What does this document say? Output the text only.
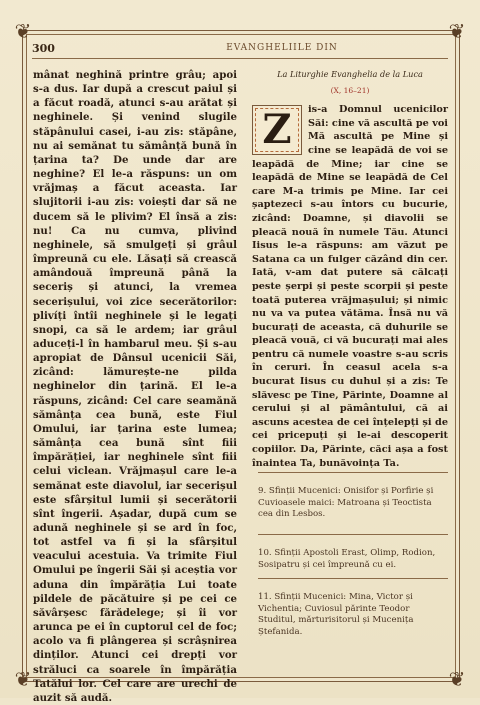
❦	❦
❦	❦
300	EVANGHELIILE DIN

mânat neghină printre grâu; apoi s-a dus. Iar după a crescut paiul și a făcut roadă, atunci s-au arătat și neghinele. Și venind slugile stăpânului casei, i-au zis: stăpâne, nu ai semănat tu sămânță bună în țarina ta? De unde dar are neghine? El le-a răspuns: un om vrăjmaș a făcut aceasta. Iar slujitorii i-au zis: voiești dar să ne ducem să le plivim? El însă a zis: nu! Ca nu cumva, plivind neghinele, să smulgeți și grâul împreună cu ele. Lăsați să crească amândouă împreună până la seceriș și atunci, la vremea secerișului, voi zice secerătorilor: plivíți întîi neghinele și le legați snopi, ca să le ardem; iar grâul aduceți-l în hambarul meu. Și s-au apropiat de Dânsul ucenicii Săi, zicând: lămurește-ne pilda neghinelor din țarină. El le-a răspuns, zicând: Cel care seamănă sămânța cea bună, este Fiul Omului, iar țarina este lumea; sămânța cea bună sînt fiii împărăției, iar neghinele sînt fiii celui viclean. Vrăjmașul care le-a semănat este diavolul, iar secerișul este sfârșitul lumii și secerătorii sînt îngerii. Așadar, după cum se adună neghinele și se ard în foc, tot astfel va fi și la sfârșitul veacului acestuia. Va trimite Fiul Omului pe îngerii Săi și aceștia vor aduna din împărăția Lui toate pildele de păcătuire și pe cei ce săvârșesc fărădelege; și îi vor arunca pe ei în cuptorul cel de foc; acolo va fi plângerea și scrâșnirea dinților. Atunci cei drepți vor străluci ca soarele în împărăția Tatălui lor. Cel care are urechi de auzit să audă.

La Liturghie Evanghelia de la Luca
(X, 16–21)
Z	is-a Domnul ucenicilor Săi: cine vă ascultă pe voi Mă ascultă pe Mine și cine se leapădă de voi se leapădă de Mine; iar cine se leapădă de Mine se leapădă de Cel care M-a trimis pe Mine. Iar cei șaptezeci s-au întors cu bucurie, zicând: Doamne, și diavolii se pleacă nouă în numele Tău. Atunci Iisus le-a răspuns: am văzut pe Satana ca un fulger căzând din cer. Iată, v-am dat putere să călcați peste șerpi și peste scorpii și peste toată puterea vrăjmașului; și nimic nu va va putea vătăma. Însă nu vă bucurați de aceasta, că duhurile se pleacă vouă, ci vă bucurați mai ales pentru că numele voastre s-au scris în ceruri. În ceasul acela s-a bucurat Iisus cu duhul și a zis: Te slăvesc pe Tine, Părinte, Doamne al cerului și al pământului, că ai ascuns acestea de cei înțelepți și de cei pricepuți și le-ai descoperit copiilor. Da, Părinte, căci așa a fost înaintea Ta, bunăvoința Ta.
9. Sfinții Mucenici: Onisifor și Porfirie și Cuvioasele maici: Matroana și Teoctista cea din Lesbos.
10. Sfinții Apostoli Erast, Olimp, Rodion, Sosipatru și cei împreună cu ei.
11. Sfinții Mucenici: Mina, Victor și Vichentia; Cuviosul părinte Teodor Studitul, mărturisitorul și Mucenița Ștefanida.
